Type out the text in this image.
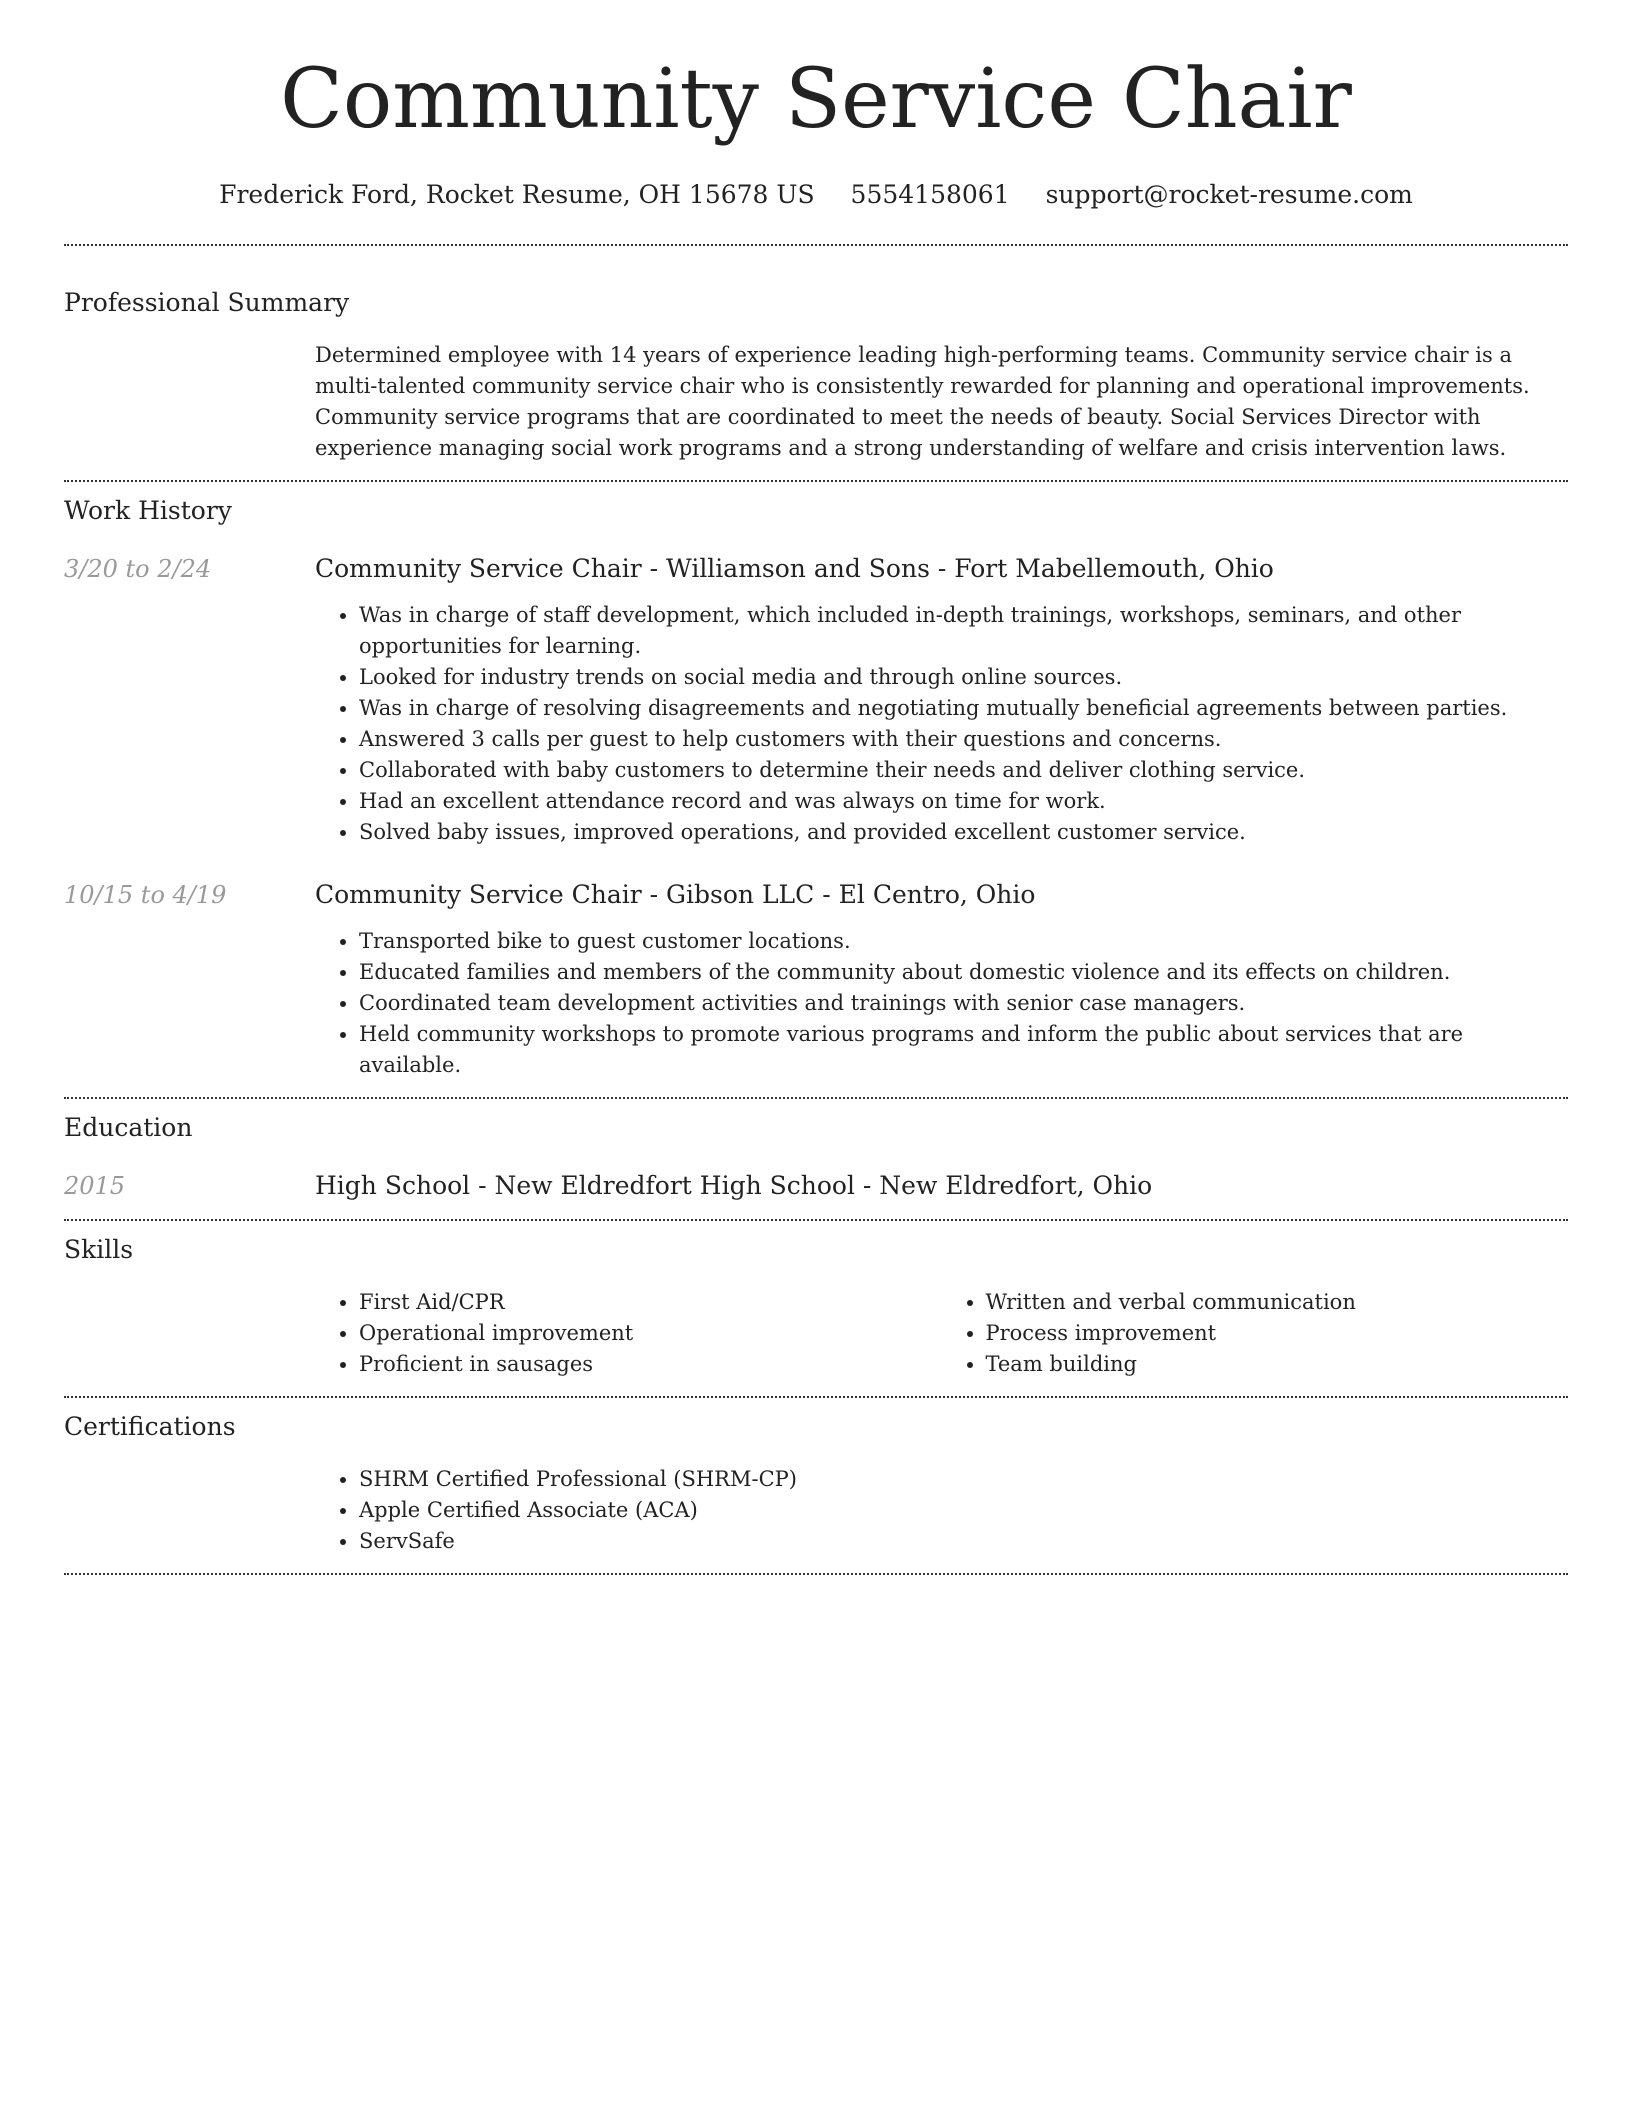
Community Service Chair
Frederick Ford, Rocket Resume, OH 15678 US 5554158061 support@rocket-resume.com
Professional Summary

Determined employee with 14 years of experience leading high-performing teams. Community service chair is a multi-talented community service chair who is consistently rewarded for planning and operational improvements. Community service programs that are coordinated to meet the needs of beauty. Social Services Director with experience managing social work programs and a strong understanding of welfare and crisis intervention laws.

Work History
3/20 to 2/24	Community Service Chair - Williamson and Sons - Fort Mabellemouth, Ohio
• Was in charge of staff development, which included in-depth trainings, workshops, seminars, and other opportunities for learning.
• Looked for industry trends on social media and through online sources.
• Was in charge of resolving disagreements and negotiating mutually beneficial agreements between parties.
• Answered 3 calls per guest to help customers with their questions and concerns.
• Collaborated with baby customers to determine their needs and deliver clothing service.
• Had an excellent attendance record and was always on time for work.
• Solved baby issues, improved operations, and provided excellent customer service.
10/15 to 4/19	Community Service Chair - Gibson LLC - El Centro, Ohio
• Transported bike to guest customer locations.
• Educated families and members of the community about domestic violence and its effects on children.
• Coordinated team development activities and trainings with senior case managers.
• Held community workshops to promote various programs and inform the public about services that are available.
Education
2015	High School - New Eldredfort High School - New Eldredfort, Ohio
Skills
• First Aid/CPR
• Operational improvement
• Proficient in sausages
• Written and verbal communication
• Process improvement
• Team building
Certifications
• SHRM Certified Professional (SHRM-CP)
• Apple Certified Associate (ACA)
• ServSafe
